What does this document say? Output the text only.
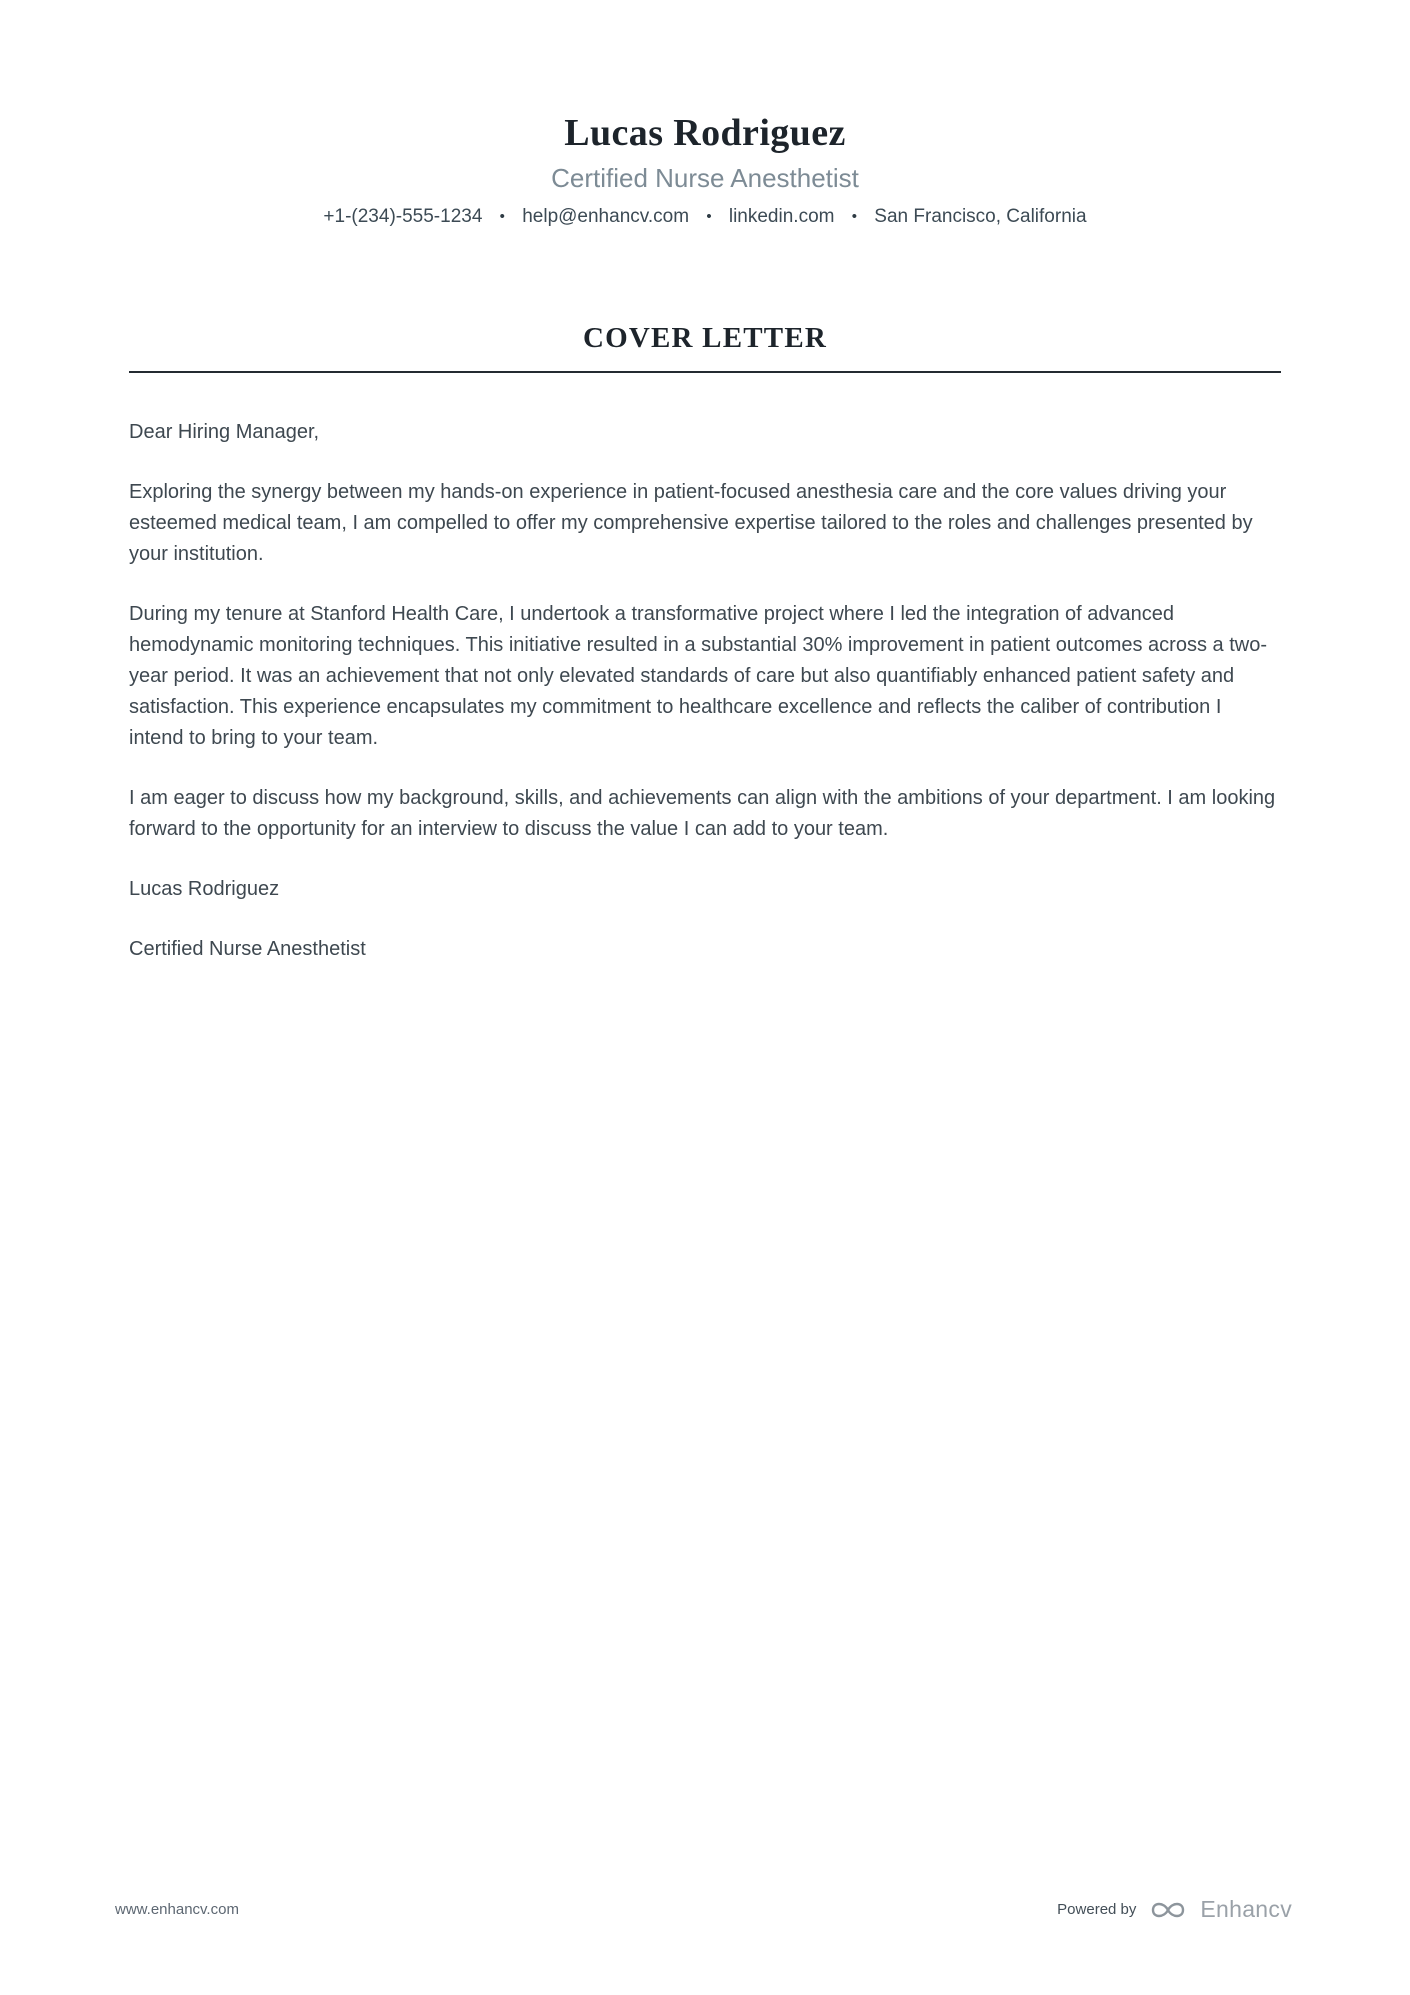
Lucas Rodriguez
Certified Nurse Anesthetist
+1-(234)-555-1234 • help@enhancv.com • linkedin.com • San Francisco, California
COVER LETTER

Dear Hiring Manager,

Exploring the synergy between my hands-on experience in patient-focused anesthesia care and the core values driving your esteemed medical team, I am compelled to offer my comprehensive expertise tailored to the roles and challenges presented by your institution.

During my tenure at Stanford Health Care, I undertook a transformative project where I led the integration of advanced hemodynamic monitoring techniques. This initiative resulted in a substantial 30% improvement in patient outcomes across a two-year period. It was an achievement that not only elevated standards of care but also quantifiably enhanced patient safety and satisfaction. This experience encapsulates my commitment to healthcare excellence and reflects the caliber of contribution I intend to bring to your team.

I am eager to discuss how my background, skills, and achievements can align with the ambitions of your department. I am looking forward to the opportunity for an interview to discuss the value I can add to your team.

Lucas Rodriguez

Certified Nurse Anesthetist

www.enhancv.com	Powered by	Enhancv
